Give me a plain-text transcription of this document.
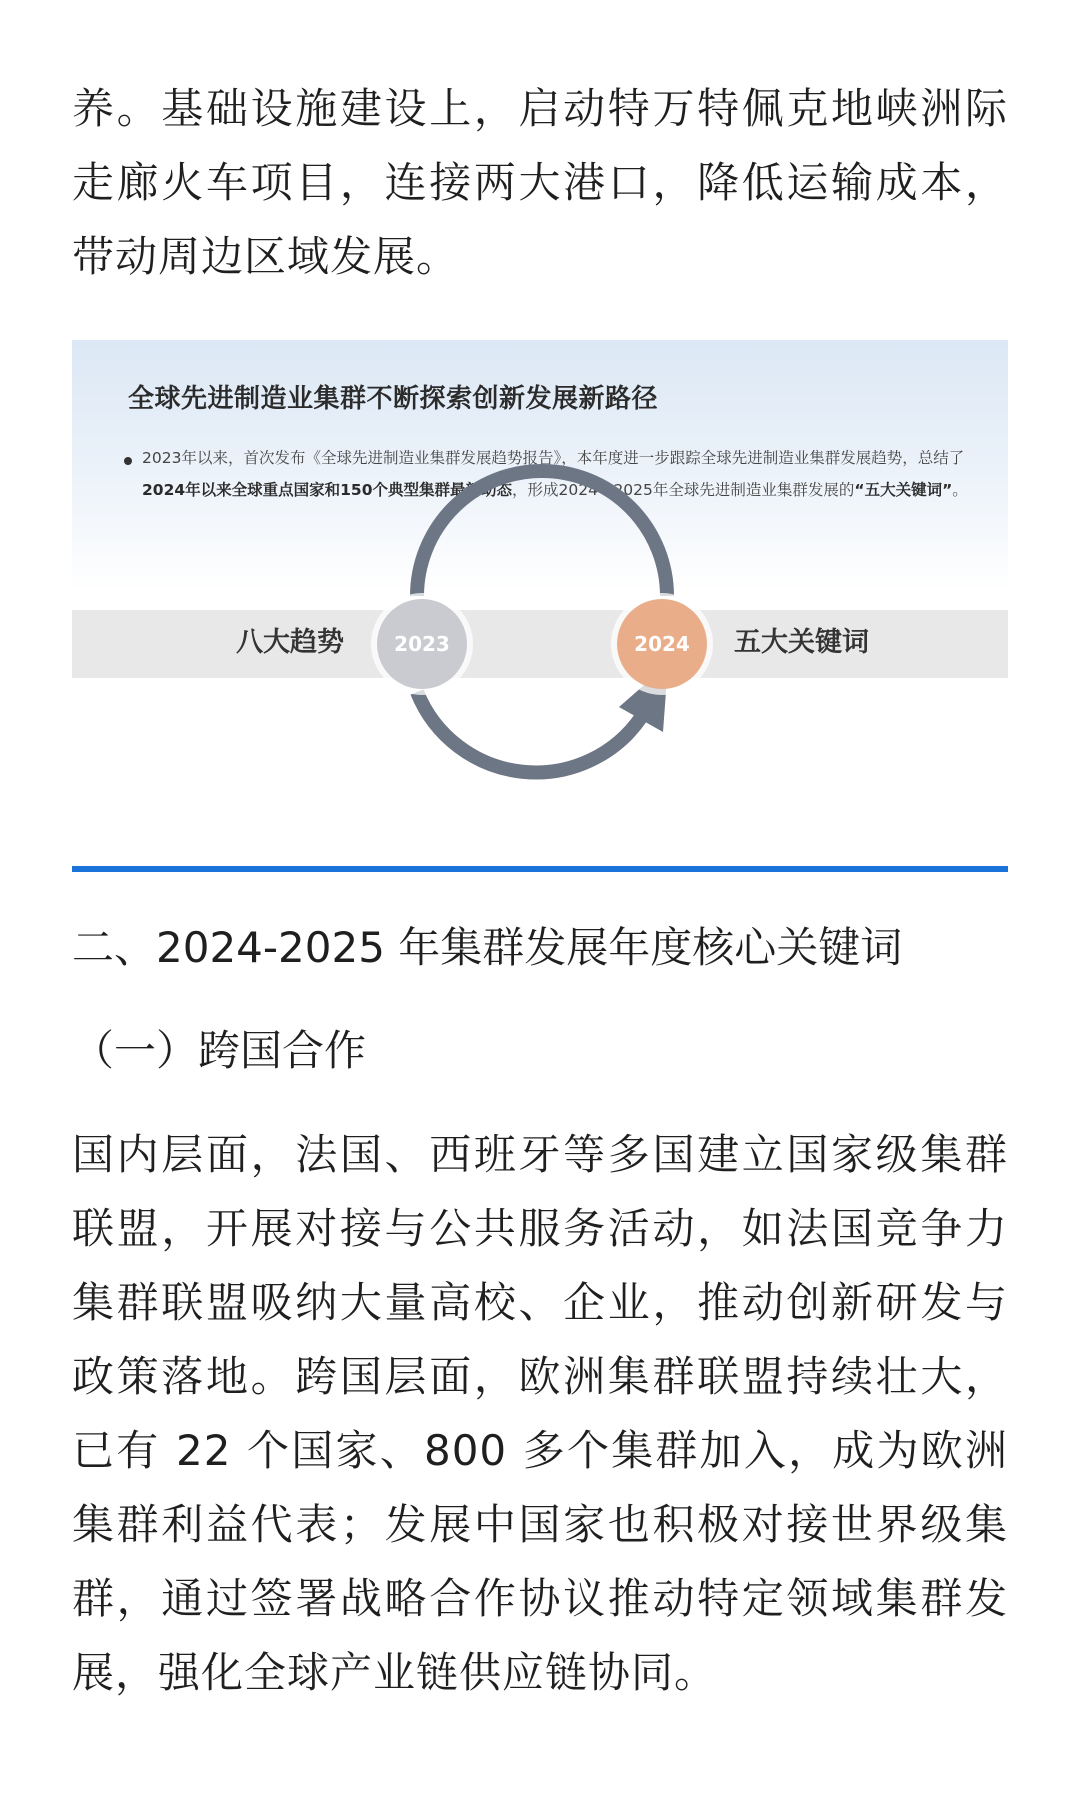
养。基础设施建设上，启动特万特佩克地峡洲际走廊火车项目，连接两大港口，降低运输成本，带动周边区域发展。

全球先进制造业集群不断探索创新发展新路径
2023年以来，首次发布《全球先进制造业集群发展趋势报告》，本年度进一步跟踪全球先进制造业集群发展趋势，总结了2024年以来全球重点国家和150个典型集群最新动态，形成2024—2025年全球先进制造业集群发展的“五大关键词”。
2023	2024
八大趋势	五大关键词
二、2024-2025 年集群发展年度核心关键词
（一）跨国合作

国内层面，法国、西班牙等多国建立国家级集群联盟，开展对接与公共服务活动，如法国竞争力集群联盟吸纳大量高校、企业，推动创新研发与政策落地。跨国层面，欧洲集群联盟持续壮大，已有 22 个国家、800 多个集群加入，成为欧洲集群利益代表；发展中国家也积极对接世界级集群，通过签署战略合作协议推动特定领域集群发展，强化全球产业链供应链协同。
